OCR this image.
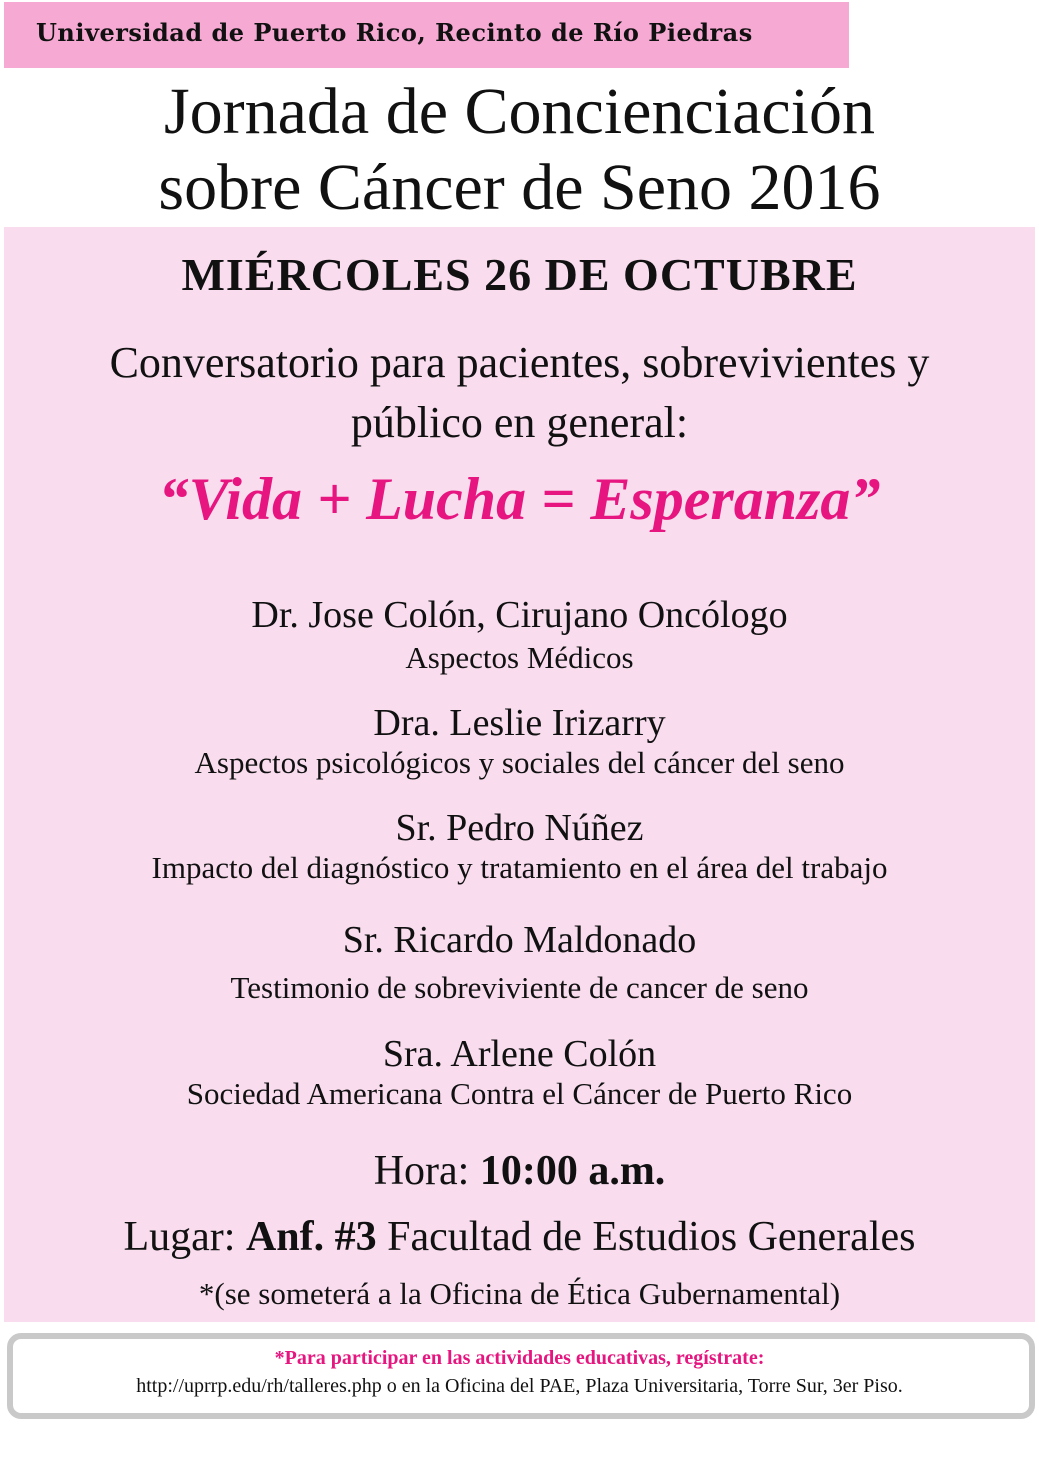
Universidad de Puerto Rico, Recinto de Río Piedras
Jornada de Concienciación
sobre Cáncer de Seno 2016
MIÉRCOLES 26 DE OCTUBRE
Conversatorio para pacientes, sobrevivientes y público en general:
“Vida + Lucha = Esperanza”
Dr. Jose Colón, Cirujano Oncólogo
Aspectos Médicos
Dra. Leslie Irizarry
Aspectos psicológicos y sociales del cáncer del seno
Sr. Pedro Núñez
Impacto del diagnóstico y tratamiento en el área del trabajo
Sr. Ricardo Maldonado
Testimonio de sobreviviente de cancer de seno
Sra. Arlene Colón
Sociedad Americana Contra el Cáncer de Puerto Rico
Hora: 10:00 a.m.
Lugar: Anf. #3 Facultad de Estudios Generales
*(se someterá a la Oficina de Ética Gubernamental)
*Para participar en las actividades educativas, regístrate:
http://uprrp.edu/rh/talleres.php o en la Oficina del PAE, Plaza Universitaria, Torre Sur, 3er Piso.
